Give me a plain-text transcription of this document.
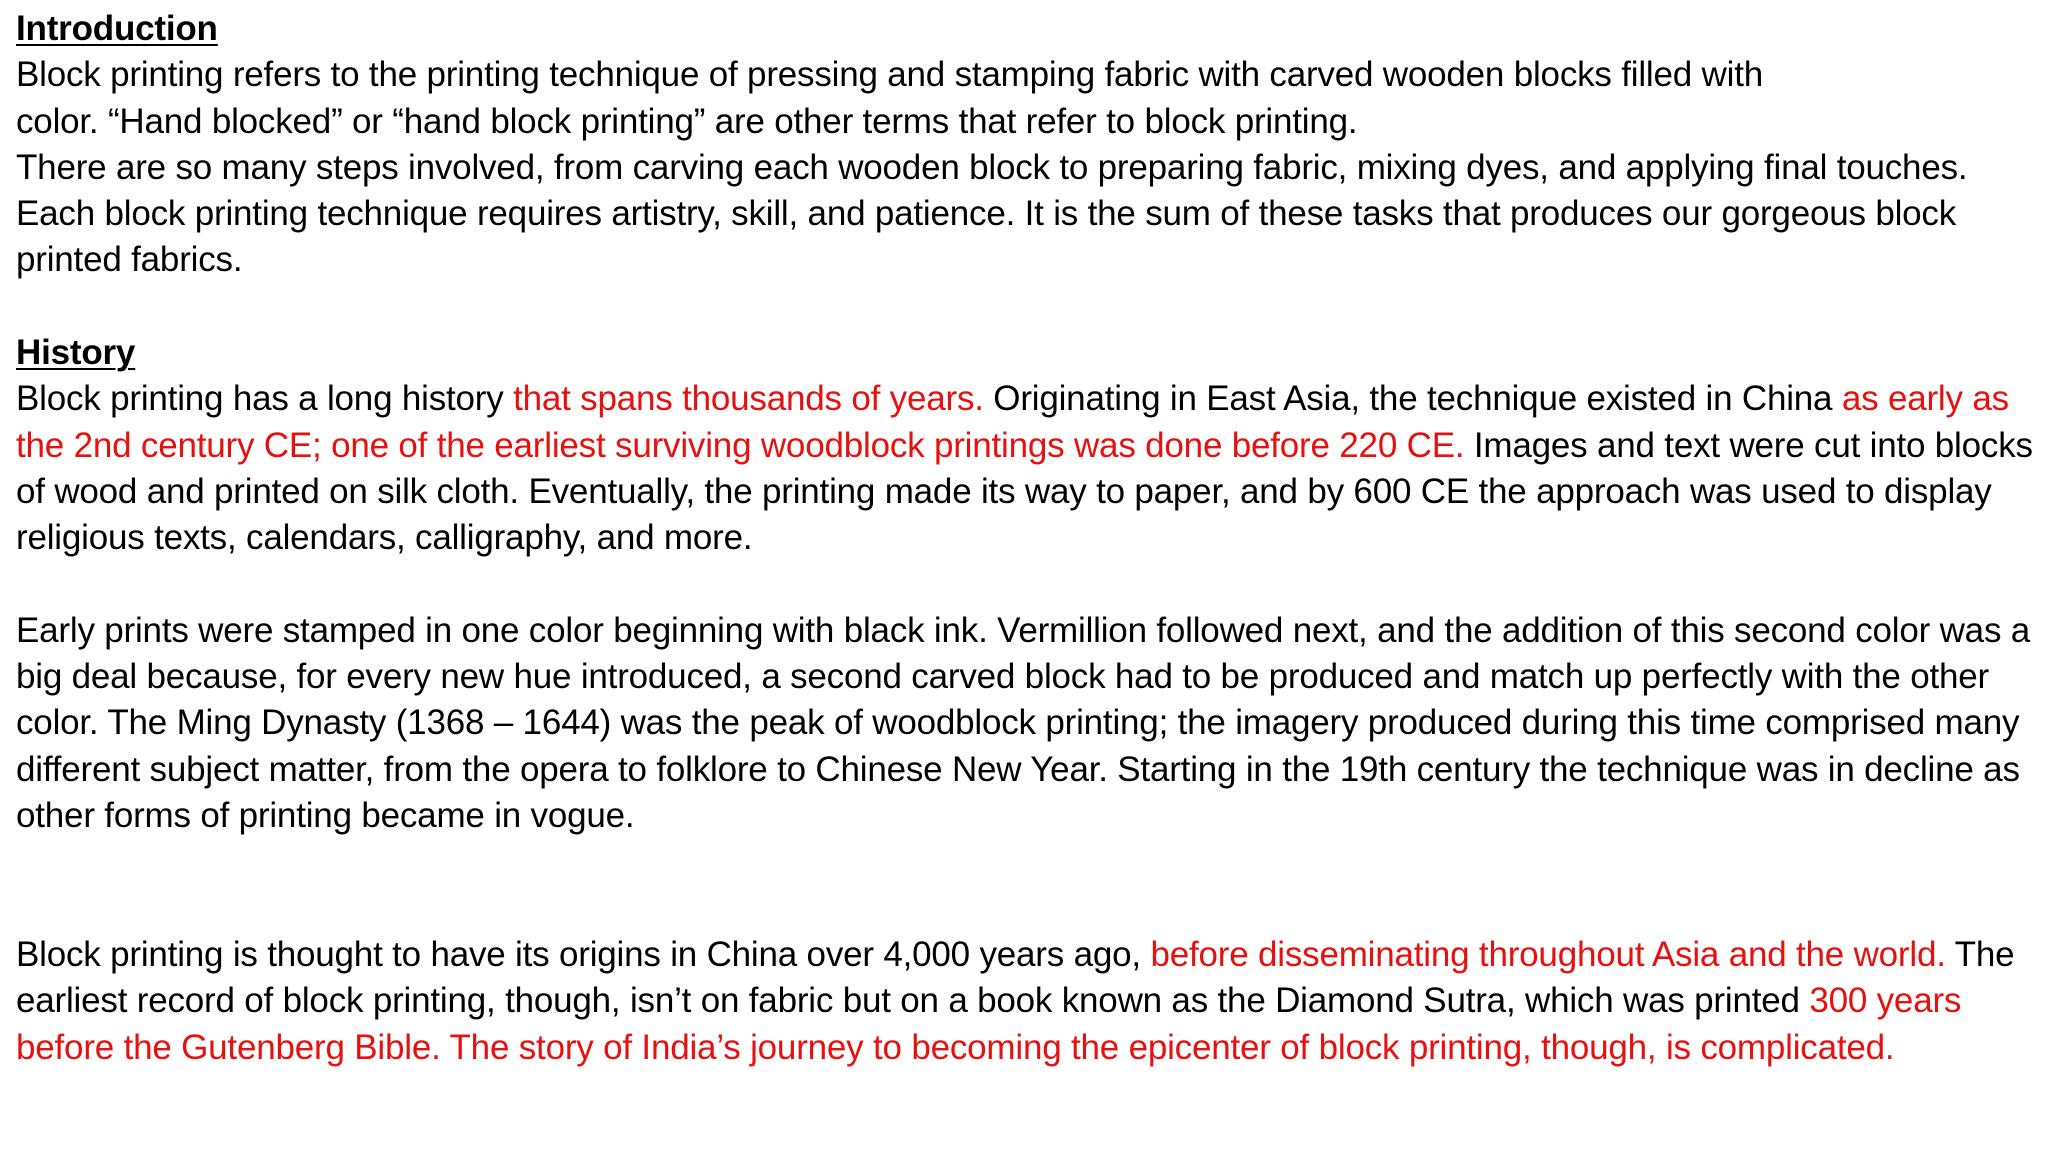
Introduction

Block printing refers to the printing technique of pressing and stamping fabric with carved wooden blocks filled with
color. “Hand blocked” or “hand block printing” are other terms that refer to block printing.

There are so many steps involved, from carving each wooden block to preparing fabric, mixing dyes, and applying final touches. Each block printing technique requires artistry, skill, and patience. It is the sum of these tasks that produces our gorgeous block printed fabrics.

History

Block printing has a long history that spans thousands of years. Originating in East Asia, the technique existed in China as early as the 2nd century CE; one of the earliest surviving woodblock printings was done before 220 CE. Images and text were cut into blocks of wood and printed on silk cloth. Eventually, the printing made its way to paper, and by 600 CE the approach was used to display religious texts, calendars, calligraphy, and more.

Early prints were stamped in one color beginning with black ink. Vermillion followed next, and the addition of this second color was a big deal because, for every new hue introduced, a second carved block had to be produced and match up perfectly with the other color. The Ming Dynasty (1368 – 1644) was the peak of woodblock printing; the imagery produced during this time comprised many different subject matter, from the opera to folklore to Chinese New Year. Starting in the 19th century the technique was in decline as other forms of printing became in vogue.

Block printing is thought to have its origins in China over 4,000 years ago, before disseminating throughout Asia and the world. The earliest record of block printing, though, isn’t on fabric but on a book known as the Diamond Sutra, which was printed 300 years before the Gutenberg Bible. The story of India’s journey to becoming the epicenter of block printing, though, is complicated.
